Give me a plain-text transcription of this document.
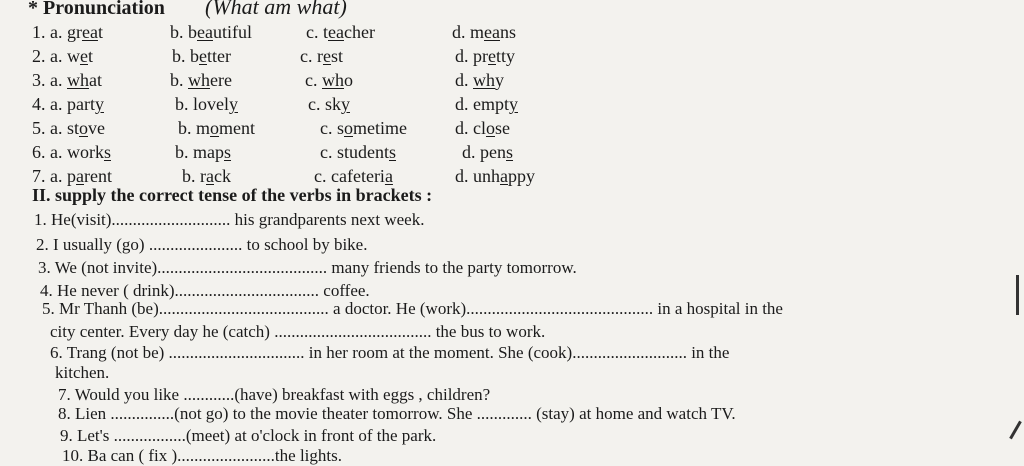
* Pronunciation (What am what)
1. a. great	b. beautiful	c. teacher	d. means
2. a. wet	b. better	c. rest	d. pretty
3. a. what	b. where	c. who	d. why
4. a. party	b. lovely	c. sky	d. empty
5. a. stove	b. moment	c. sometime	d. close
6. a. works	b. maps	c. students	d. pens
7. a. parent	b. rack	c. cafeteria	d. unhappy
II. supply the correct tense of the verbs in brackets :
1. He(visit)............................ his grandparents next week.
2. I usually (go) ...................... to school by bike.
3. We (not invite)........................................ many friends to the party tomorrow.
4. He never ( drink).................................. coffee.
5. Mr Thanh (be)........................................ a doctor. He (work)............................................ in a hospital in the
city center. Every day he (catch) ..................................... the bus to work.
6. Trang (not be) ................................ in her room at the moment. She (cook)........................... in the
kitchen.
7. Would you like ............(have) breakfast with eggs , children?
8. Lien ...............(not go) to the movie theater tomorrow. She ............. (stay) at home and watch TV.
9. Let's .................(meet) at o'clock in front of the park.
10. Ba can ( fix ).......................the lights.
